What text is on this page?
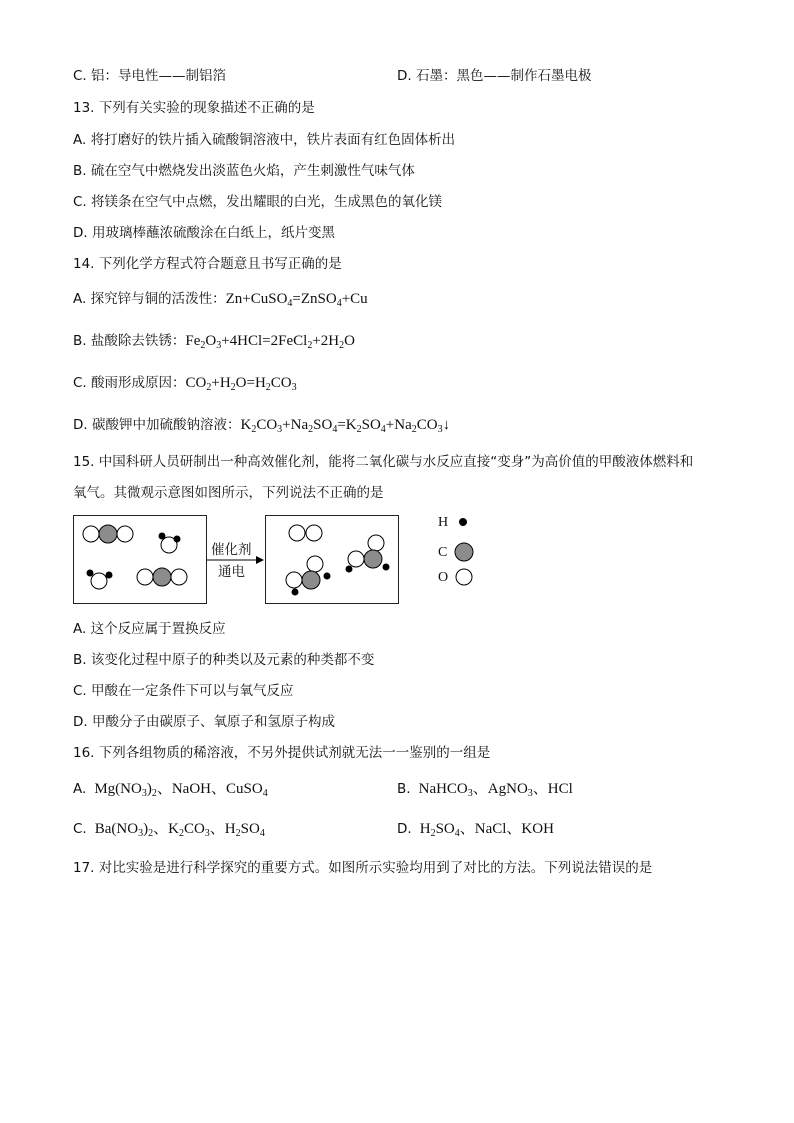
C. 铝：导电性——制铝箔	D. 石墨：黑色——制作石墨电极
13. 下列有关实验的现象描述不正确的是
A. 将打磨好的铁片插入硫酸铜溶液中，铁片表面有红色固体析出
B. 硫在空气中燃烧发出淡蓝色火焰，产生刺激性气味气体
C. 将镁条在空气中点燃，发出耀眼的白光，生成黑色的氧化镁
D. 用玻璃棒蘸浓硫酸涂在白纸上，纸片变黑
14. 下列化学方程式符合题意且书写正确的是
A. 探究锌与铜的活泼性：Zn+CuSO$_4$=ZnSO$_4$+Cu
B. 盐酸除去铁锈：$Fe_2O_3+4HCl=2FeCl_2+2H_2O$
C. 酸雨形成原因：$CO_2+H_2O=H_2CO_3$
D. 碳酸钾中加硫酸钠溶液：$K_2CO_3+Na_2SO_4=K_2SO_4+Na_2CO_3↓$
15. 中国科研人员研制出一种高效催化剂，能将二氧化碳与水反应直接“变身”为高价值的甲酸液体燃料和
氧气。其微观示意图如图所示，下列说法不正确的是
催化剂
通电
H
C
O
A. 这个反应属于置换反应
B. 该变化过程中原子的种类以及元素的种类都不变
C. 甲酸在一定条件下可以与氧气反应
D. 甲酸分子由碳原子、氧原子和氢原子构成
16. 下列各组物质的稀溶液，不另外提供试剂就无法一一鉴别的一组是
A.  $Mg(NO_3)_2$、NaOH、CuSO$_4$	B.  NaHCO$_3$、AgNO$_3$、HCl
C.  $Ba(NO_3)_2$、$K_2CO_3$、$H_2SO_4$	D.  $H_2SO_4$、NaCl、KOH
17. 对比实验是进行科学探究的重要方式。如图所示实验均用到了对比的方法。下列说法错误的是
